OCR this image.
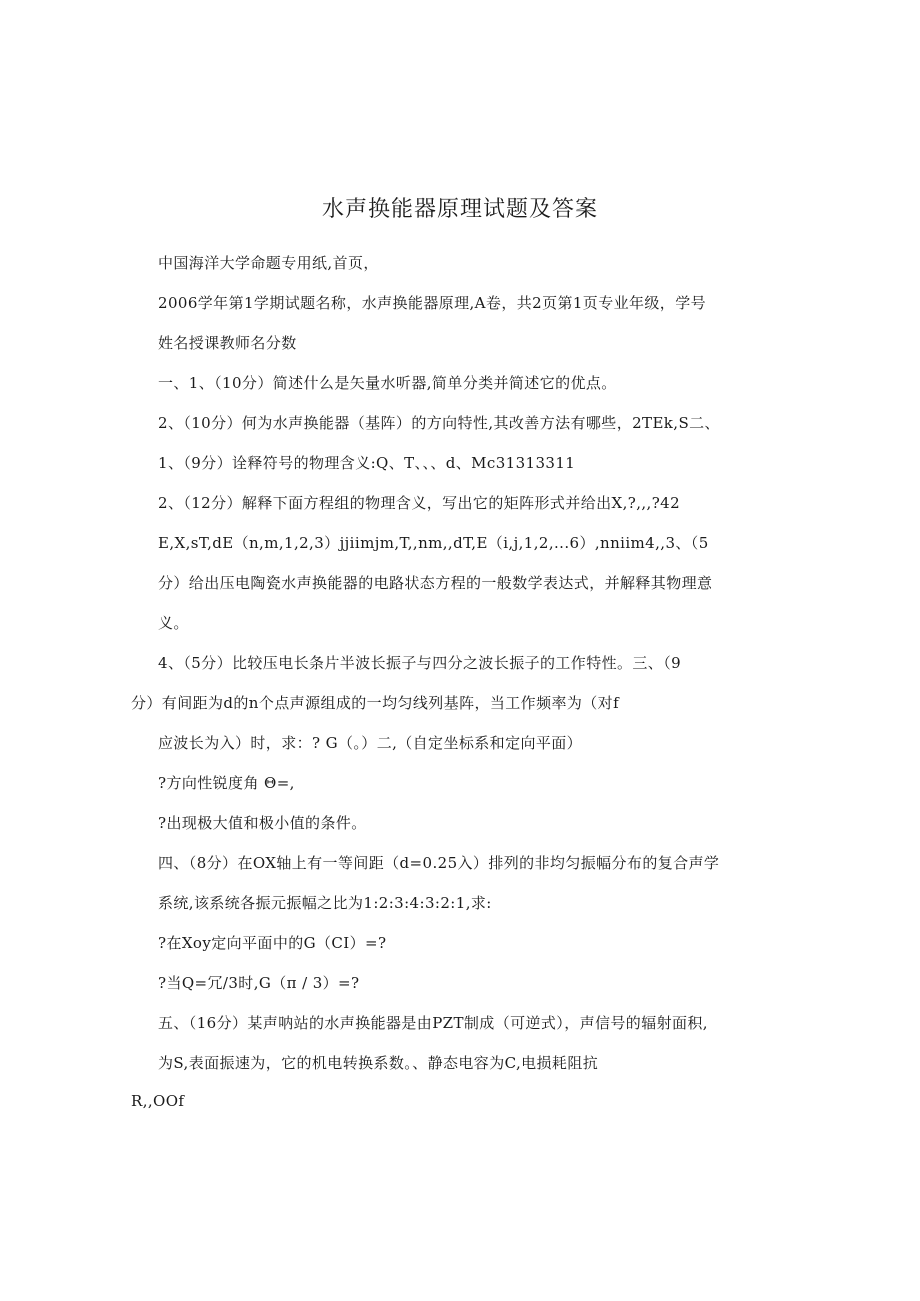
水声换能器原理试题及答案
中国海洋大学命题专用纸,首页，
2006学年第1学期试题名称，水声换能器原理,A卷，共2页第1页专业年级，学号
姓名授课教师名分数
一、1、（10分）简述什么是矢量水听器,简单分类并简述它的优点。
2、（10分）何为水声换能器（基阵）的方向特性,其改善方法有哪些，2TEk,S二、
1、（9分）诠释符号的物理含义:Q、T、、、d、Mc31313311
2、（12分）解释下面方程组的物理含义，写出它的矩阵形式并给出X,?,,,?42
E,X,sT,dE（n,m,1,2,3）jjiimjm,T,,nm,,dT,E（i,j,1,2,...6）,nniim4,,3、（5
分）给出压电陶瓷水声换能器的电路状态方程的一般数学表达式，并解释其物理意
义。
4、（5分）比较压电长条片半波长振子与四分之波长振子的工作特性。三、（9
分）有间距为d的n个点声源组成的一均匀线列基阵，当工作频率为（对f
应波长为入）时，求：? G（。）二,（自定坐标系和定向平面）
?方向性锐度角 Θ=,
?出现极大值和极小值的条件。
四、（8分）在OX轴上有一等间距（d=0.25入）排列的非均匀振幅分布的复合声学
系统,该系统各振元振幅之比为1:2:3:4:3:2:1,求:
?在Xoy定向平面中的G（CI）=?
?当Q=冗/3时,G（π / 3）=?
五、（16分）某声呐站的水声换能器是由PZT制成（可逆式），声信号的辐射面积,
为S,表面振速为，它的机电转换系数。、静态电容为C,电损耗阻抗
R,,OOf
